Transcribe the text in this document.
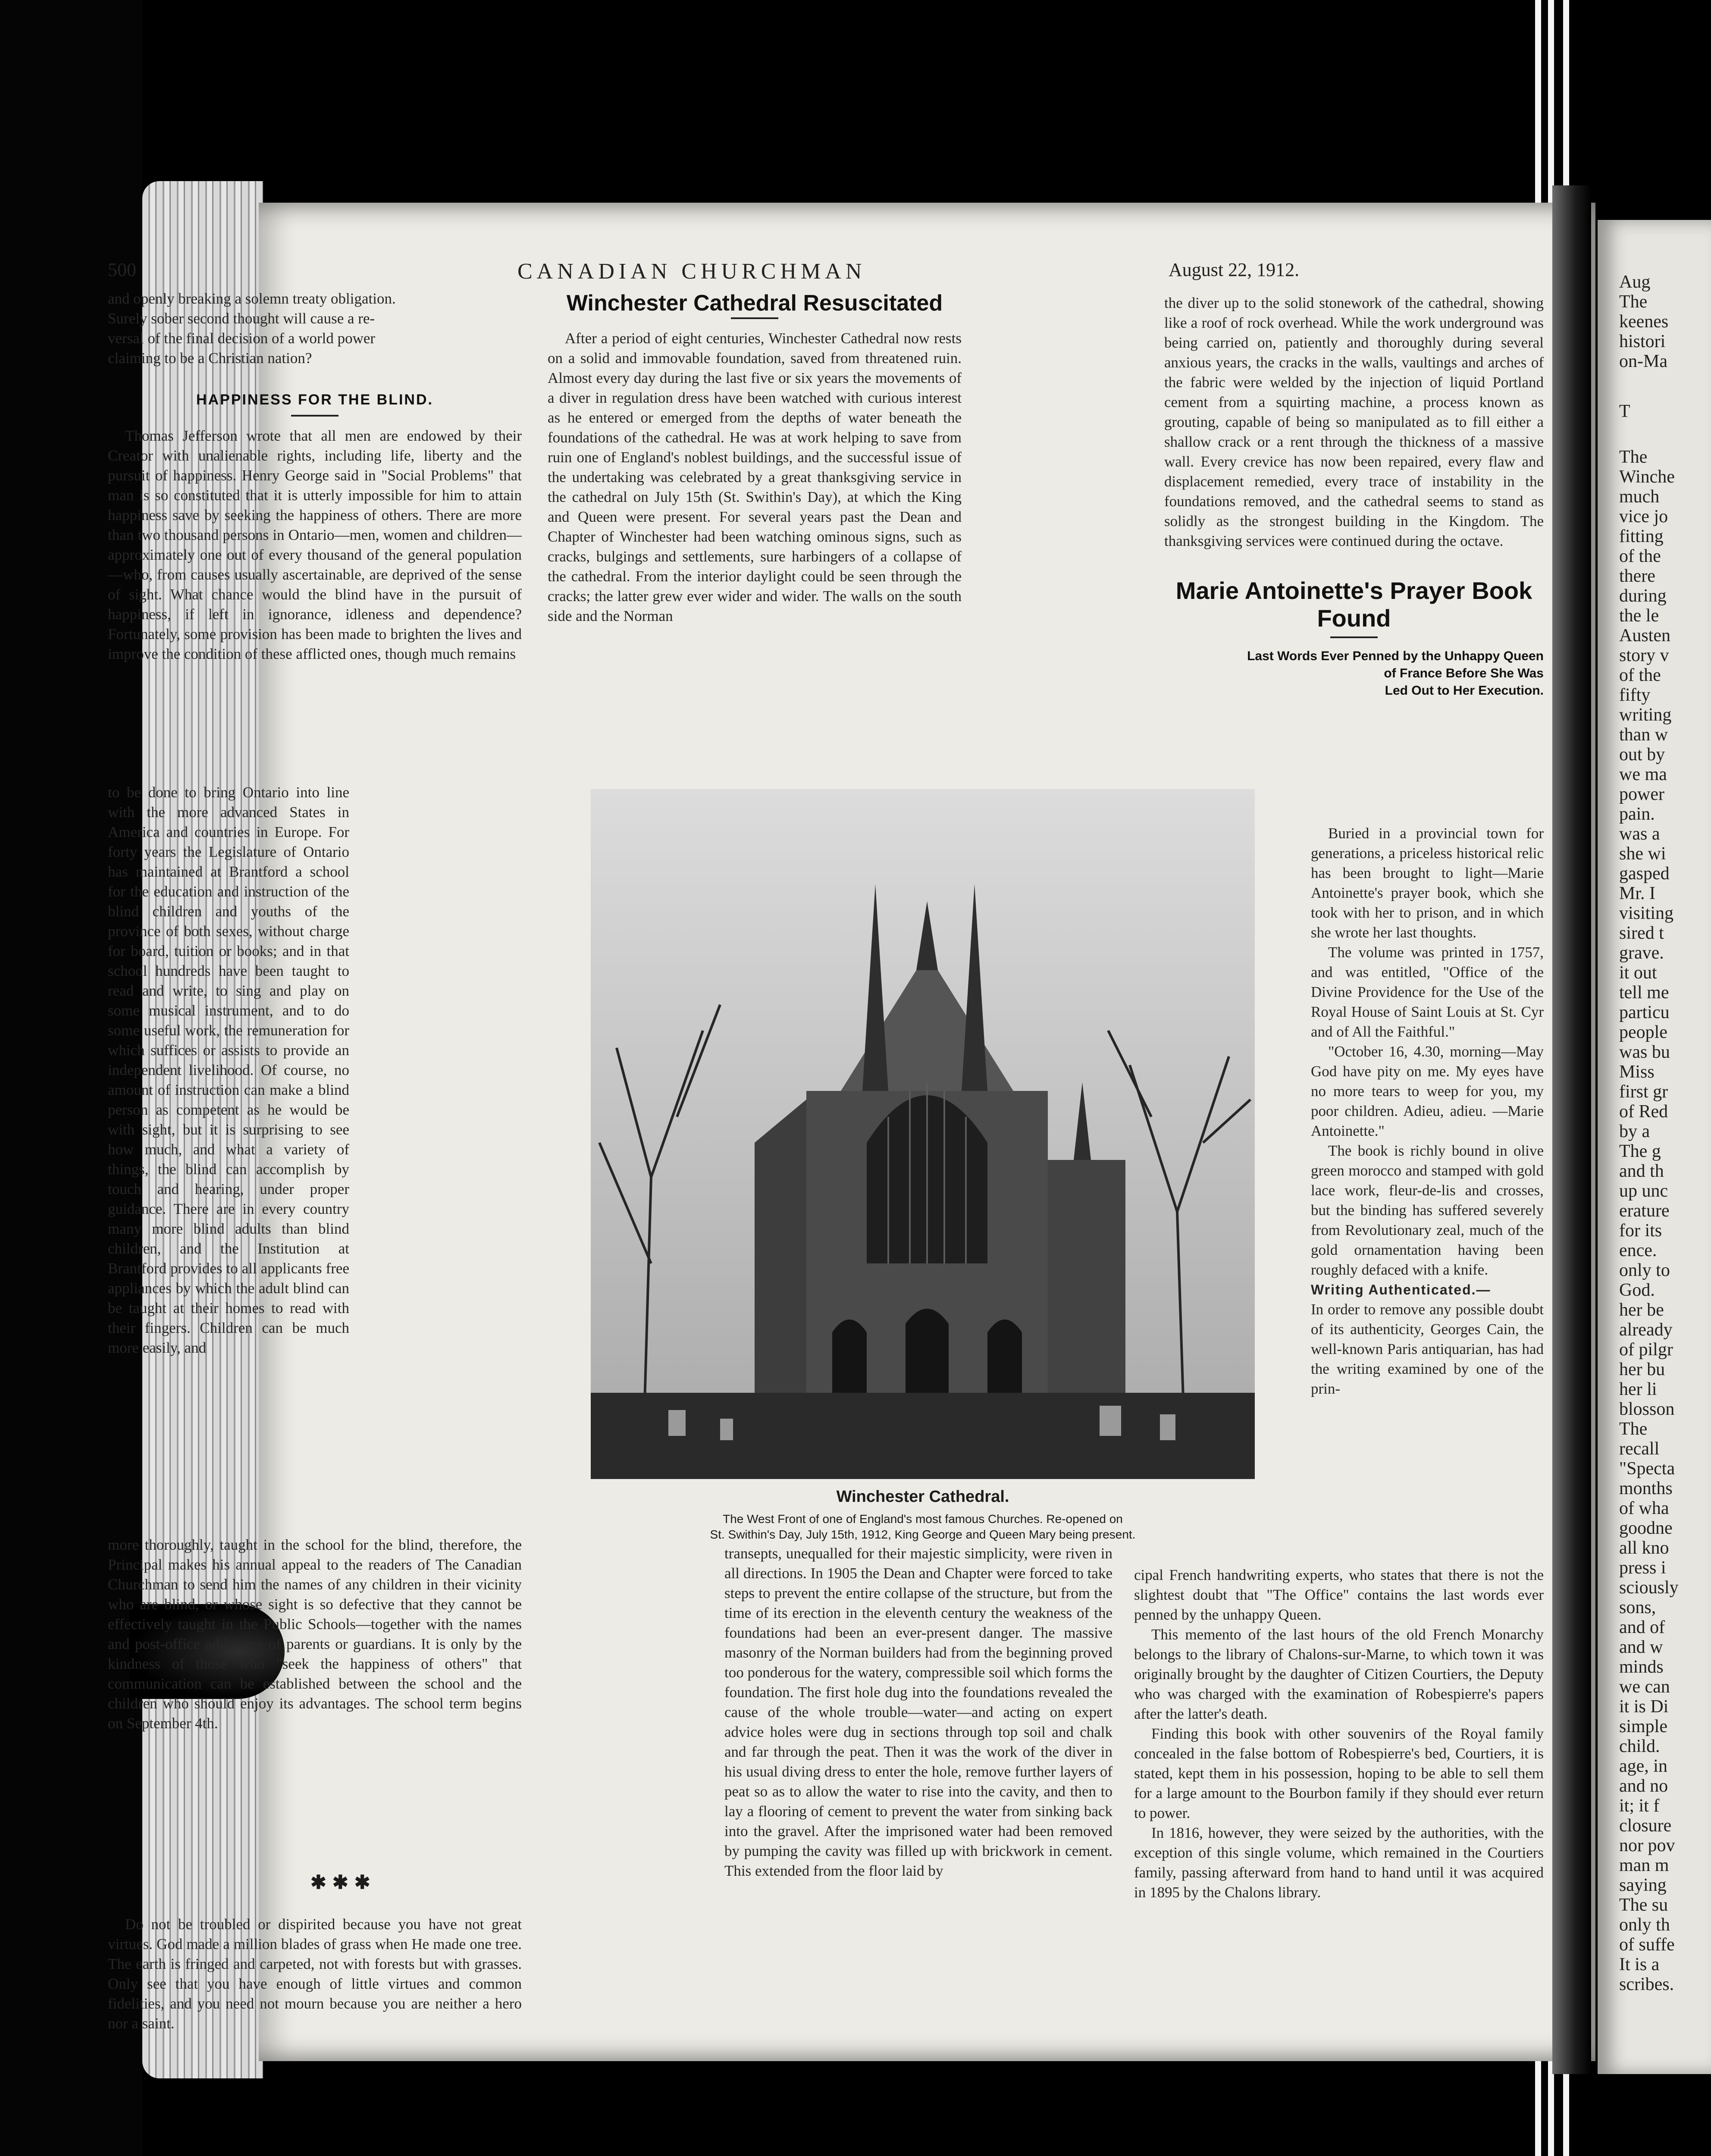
500	CANADIAN CHURCHMAN	August 22, 1912.
and openly breaking a solemn treaty obligation.
Surely sober second thought will cause a re-
versal of the final decision of a world power
claiming to be a Christian nation?
HAPPINESS FOR THE BLIND.

Thomas Jefferson wrote that all men are endowed by their Creator with unalienable rights, including life, liberty and the pursuit of happiness. Henry George said in "Social Problems" that man is so constituted that it is utterly impossible for him to attain happiness save by seeking the happiness of others. There are more than two thousand persons in Ontario—men, women and children—approximately one out of every thousand of the general population—who, from causes usually ascertainable, are deprived of the sense of sight. What chance would the blind have in the pursuit of happiness, if left in ignorance, idleness and dependence? Fortunately, some provision has been made to brighten the lives and improve the condition of these afflicted ones, though much remains

to be done to bring Ontario into line with the more advanced States in America and countries in Europe. For forty years the Legislature of Ontario has maintained at Brantford a school for the education and instruction of the blind children and youths of the province of both sexes, without charge for board, tuition or books; and in that school hundreds have been taught to read and write, to sing and play on some musical instrument, and to do some useful work, the remuneration for which suffices or assists to provide an independent livelihood. Of course, no amount of instruction can make a blind person as competent as he would be with sight, but it is surprising to see how much, and what a variety of things, the blind can accomplish by touch and hearing, under proper guidance. There are in every country many more blind adults than blind children, and the Institution at Brantford provides to all applicants free appliances by which the adult blind can be taught at their homes to read with their fingers. Children can be much more easily, and

more thoroughly, taught in the school for the blind, therefore, the Principal makes his annual appeal to the readers of The Canadian Churchman to send him the names of any children in their vicinity who are blind, or whose sight is so defective that they cannot be effectively taught in the Public Schools—together with the names and post-office addresses of parents or guardians. It is only by the kindness of those who "seek the happiness of others" that communication can be established between the school and the children who should enjoy its advantages. The school term begins on September 4th.

✱✱✱

Do not be troubled or dispirited because you have not great virtues. God made a million blades of grass when He made one tree. The earth is fringed and carpeted, not with forests but with grasses. Only see that you have enough of little virtues and common fidelities, and you need not mourn because you are neither a hero nor a saint.

Winchester Cathedral Resuscitated

After a period of eight centuries, Winchester Cathedral now rests on a solid and immovable foundation, saved from threatened ruin. Almost every day during the last five or six years the movements of a diver in regulation dress have been watched with curious interest as he entered or emerged from the depths of water beneath the foundations of the cathedral. He was at work helping to save from ruin one of England's noblest buildings, and the successful issue of the undertaking was celebrated by a great thanksgiving service in the cathedral on July 15th (St. Swithin's Day), at which the King and Queen were present. For several years past the Dean and Chapter of Winchester had been watching ominous signs, such as cracks, bulgings and settlements, sure harbingers of a collapse of the cathedral. From the interior daylight could be seen through the cracks; the latter grew ever wider and wider. The walls on the south side and the Norman

Winchester Cathedral.
The West Front of one of England's most famous Churches. Re-opened on
St. Swithin's Day, July 15th, 1912, King George and Queen Mary being present.

transepts, unequalled for their majestic simplicity, were riven in all directions. In 1905 the Dean and Chapter were forced to take steps to prevent the entire collapse of the structure, but from the time of its erection in the eleventh century the weakness of the foundations had been an ever-present danger. The massive masonry of the Norman builders had from the beginning proved too ponderous for the watery, compressible soil which forms the foundation. The first hole dug into the foundations revealed the cause of the whole trouble—water—and acting on expert advice holes were dug in sections through top soil and chalk and far through the peat. Then it was the work of the diver in his usual diving dress to enter the hole, remove further layers of peat so as to allow the water to rise into the cavity, and then to lay a flooring of cement to prevent the water from sinking back into the gravel. After the imprisoned water had been removed by pumping the cavity was filled up with brickwork in cement. This extended from the floor laid by

the diver up to the solid stonework of the cathedral, showing like a roof of rock overhead. While the work underground was being carried on, patiently and thoroughly during several anxious years, the cracks in the walls, vaultings and arches of the fabric were welded by the injection of liquid Portland cement from a squirting machine, a process known as grouting, capable of being so manipulated as to fill either a shallow crack or a rent through the thickness of a massive wall. Every crevice has now been repaired, every flaw and displacement remedied, every trace of instability in the foundations removed, and the cathedral seems to stand as solidly as the strongest building in the Kingdom. The thanksgiving services were continued during the octave.

Marie Antoinette's Prayer Book
Found
Last Words Ever Penned by the Unhappy Queen
of France Before She Was
Led Out to Her Execution.

Buried in a provincial town for generations, a priceless historical relic has been brought to light—Marie Antoinette's prayer book, which she took with her to prison, and in which she wrote her last thoughts.

The volume was printed in 1757, and was entitled, "Office of the Divine Providence for the Use of the Royal House of Saint Louis at St. Cyr and of All the Faithful."

"October 16, 4.30, morning—May God have pity on me. My eyes have no more tears to weep for you, my poor children. Adieu, adieu. —Marie Antoinette."

The book is richly bound in olive green morocco and stamped with gold lace work, fleur-de-lis and crosses, but the binding has suffered severely from Revolutionary zeal, much of the gold ornamentation having been roughly defaced with a knife.

Writing Authenticated.—

In order to remove any possible doubt of its authenticity, Georges Cain, the well-known Paris antiquarian, has had the writing examined by one of the prin-

cipal French handwriting experts, who states that there is not the slightest doubt that "The Office" contains the last words ever penned by the unhappy Queen.

This memento of the last hours of the old French Monarchy belongs to the library of Chalons-sur-Marne, to which town it was originally brought by the daughter of Citizen Courtiers, the Deputy who was charged with the examination of Robespierre's papers after the latter's death.

Finding this book with other souvenirs of the Royal family concealed in the false bottom of Robespierre's bed, Courtiers, it is stated, kept them in his possession, hoping to be able to sell them for a large amount to the Bourbon family if they should ever return to power.

In 1816, however, they were seized by the authorities, with the exception of this single volume, which remained in the Courtiers family, passing afterward from hand to hand until it was acquired in 1895 by the Chalons library.

Aug
The
keenes
histori
on-Ma
T
The
Winche
much
vice jo
fitting
of the
there
during
the le
Austen
story v
of the
fifty
writing
than w
out by
we ma
power
pain.
was a
she wi
gasped
Mr. I
visiting
sired t
grave.
it out
tell me
particu
people
was bu
Miss
first gr
of Red
by a
The g
and th
up unc
erature
for its
ence.
only to
God.
her be
already
of pilgr
her bu
her li
blosson
The
recall
"Specta
months
of wha
goodne
all kno
press i
sciously
sons,
and of
and w
minds
we can
it is Di
simple
child.
age, in
and no
it; it f
closure
nor pov
man m
saying
The su
only th
of suffe
It is a
scribes.
